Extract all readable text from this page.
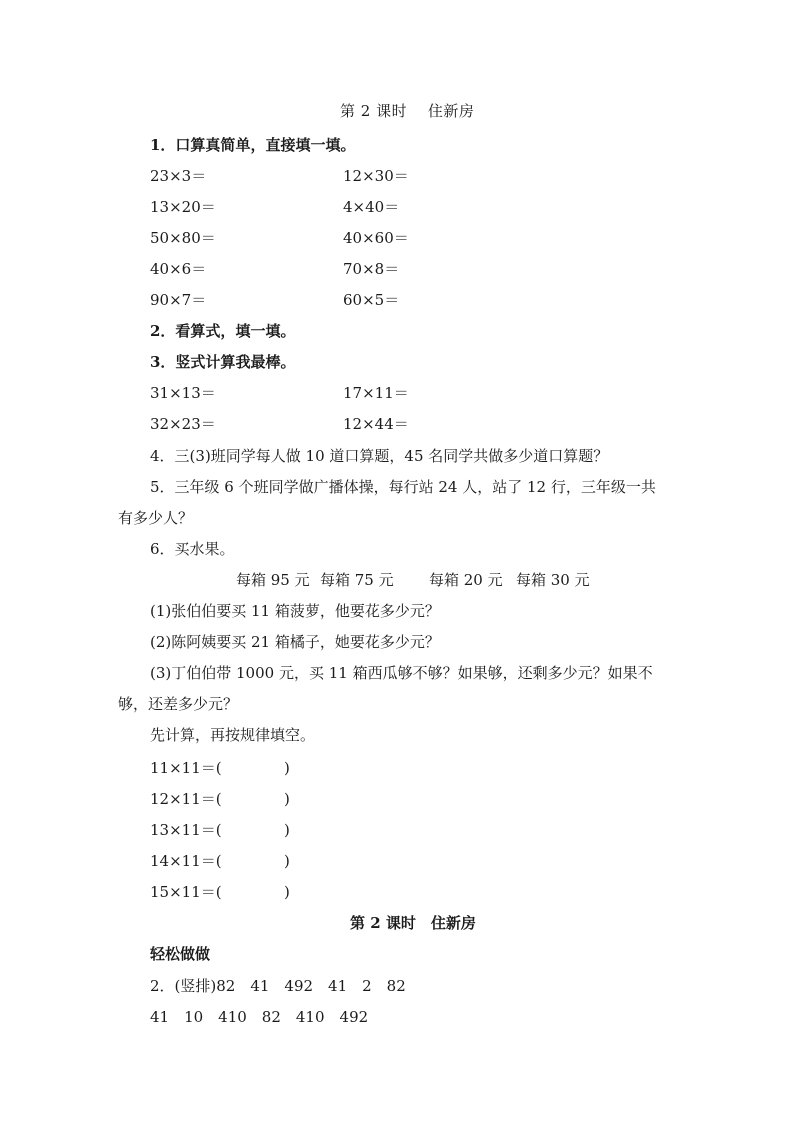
第 2 课时　 住新房
1．口算真简单，直接填一填。
23×3＝	12×30＝
13×20＝	4×40＝
50×80＝	40×60＝
40×6＝	70×8＝
90×7＝	60×5＝
2．看算式，填一填。
3．竖式计算我最棒。
31×13＝	17×11＝
32×23＝	12×44＝
4．三(3)班同学每人做 10 道口算题，45 名同学共做多少道口算题？
5．三年级 6 个班同学做广播体操，每行站 24 人，站了 12 行，三年级一共
有多少人？
6．买水果。
每箱 95 元 每箱 75 元 每箱 20 元 每箱 30 元
(1)张伯伯要买 11 箱菠萝，他要花多少元？
(2)陈阿姨要买 21 箱橘子，她要花多少元？
(3)丁伯伯带 1000 元，买 11 箱西瓜够不够？如果够，还剩多少元？如果不
够，还差多少元？
先计算，再按规律填空。
11×11＝(	)
12×11＝(	)
13×11＝(	)
14×11＝(	)
15×11＝(	)
第 2 课时　住新房
轻松做做
2．(竖排)82　41　492　41　2　82
41　10　410　82　410　492
